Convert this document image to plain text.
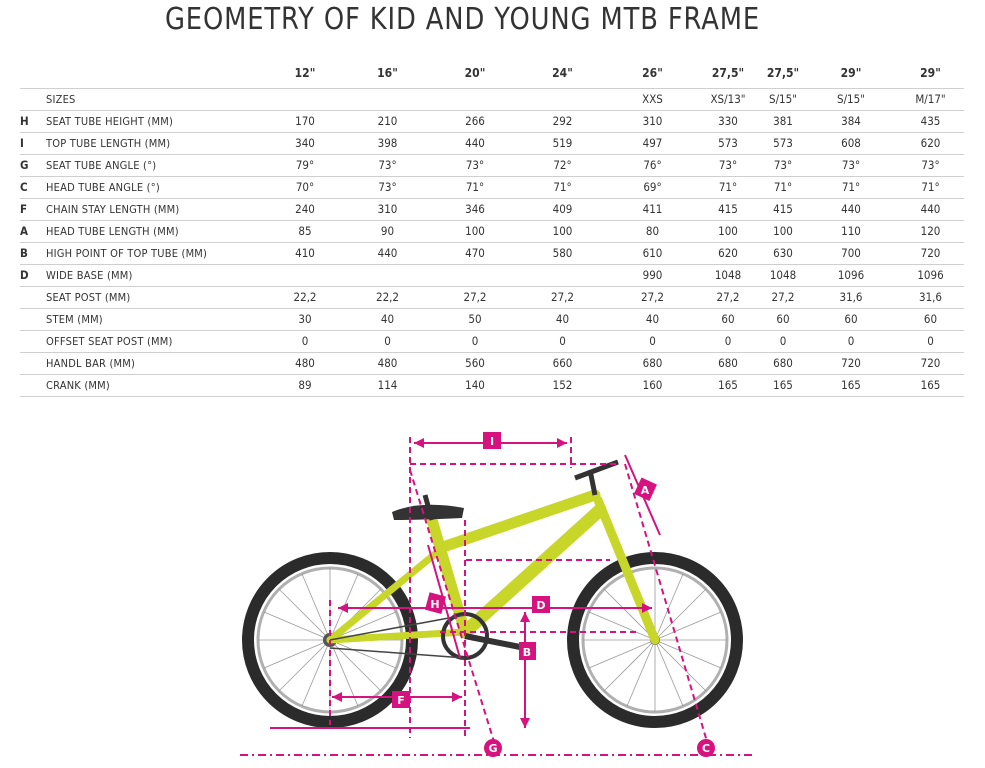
GEOMETRY OF KID AND YOUNG MTB FRAME
		12"	16"	20"	24"	26"	27,5"	27,5"	29"	29"
	SIZES					XXS	XS/13"	S/15"	S/15"	M/17"
H	SEAT TUBE HEIGHT (MM)	170	210	266	292	310	330	381	384	435
I	TOP TUBE LENGTH (MM)	340	398	440	519	497	573	573	608	620
G	SEAT TUBE ANGLE (°)	79°	73°	73°	72°	76°	73°	73°	73°	73°
C	HEAD TUBE ANGLE (°)	70°	73°	71°	71°	69°	71°	71°	71°	71°
F	CHAIN STAY LENGTH (MM)	240	310	346	409	411	415	415	440	440
A	HEAD TUBE LENGTH (MM)	85	90	100	100	80	100	100	110	120
B	HIGH POINT OF TOP TUBE (MM)	410	440	470	580	610	620	630	700	720
D	WIDE BASE (MM)					990	1048	1048	1096	1096
	SEAT POST (MM)	22,2	22,2	27,2	27,2	27,2	27,2	27,2	31,6	31,6
	STEM (MM)	30	40	50	40	40	60	60	60	60
	OFFSET SEAT POST (MM)	0	0	0	0	0	0	0	0	0
	HANDL BAR (MM)	480	480	560	660	680	680	680	720	720
	CRANK (MM)	89	114	140	152	160	165	165	165	165
I
A
H	D
B
F
G	C
